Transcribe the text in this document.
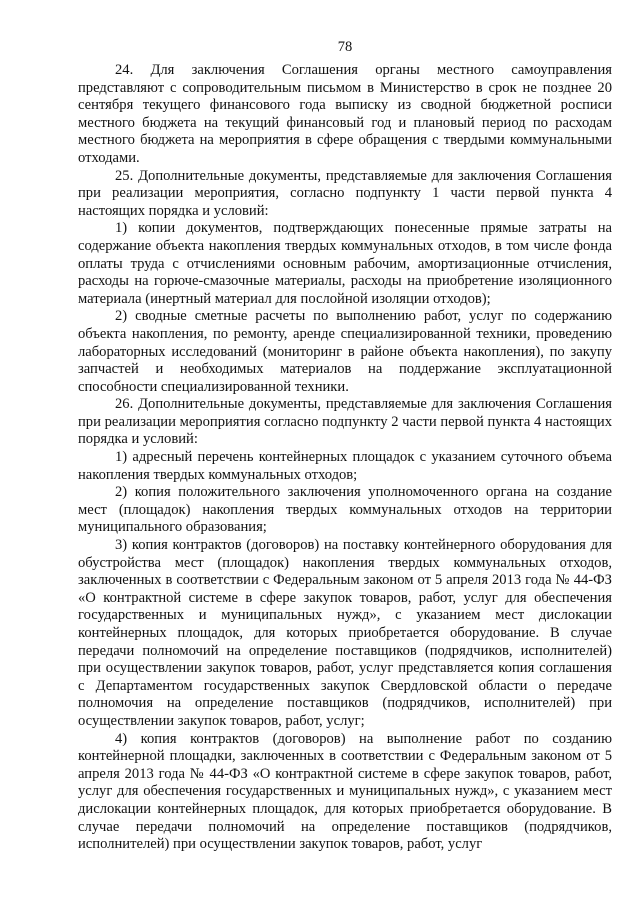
78

24. Для заключения Соглашения органы местного самоуправления представляют с сопроводительным письмом в Министерство в срок не позднее 20 сентября текущего финансового года выписку из сводной бюджетной росписи местного бюджета на текущий финансовый год и плановый период по расходам местного бюджета на мероприятия в сфере обращения с твердыми коммунальными отходами.

25. Дополнительные документы, представляемые для заключения Соглашения при реализации мероприятия, согласно подпункту 1 части первой пункта 4 настоящих порядка и условий:

1) копии документов, подтверждающих понесенные прямые затраты на содержание объекта накопления твердых коммунальных отходов, в том числе фонда оплаты труда с отчислениями основным рабочим, амортизационные отчисления, расходы на горюче-смазочные материалы, расходы на приобретение изоляционного материала (инертный материал для послойной изоляции отходов);

2) сводные сметные расчеты по выполнению работ, услуг по содержанию объекта накопления, по ремонту, аренде специализированной техники, проведению лабораторных исследований (мониторинг в районе объекта накопления), по закупу запчастей и необходимых материалов на поддержание эксплуатационной способности специализированной техники.

26. Дополнительные документы, представляемые для заключения Соглашения при реализации мероприятия согласно подпункту 2 части первой пункта 4 настоящих порядка и условий:

1) адресный перечень контейнерных площадок с указанием суточного объема накопления твердых коммунальных отходов;

2) копия положительного заключения уполномоченного органа на создание мест (площадок) накопления твердых коммунальных отходов на территории муниципального образования;

3) копия контрактов (договоров) на поставку контейнерного оборудования для обустройства мест (площадок) накопления твердых коммунальных отходов, заключенных в соответствии с Федеральным законом от 5 апреля 2013 года № 44-ФЗ «О контрактной системе в сфере закупок товаров, работ, услуг для обеспечения государственных и муниципальных нужд», с указанием мест дислокации контейнерных площадок, для которых приобретается оборудование. В случае передачи полномочий на определение поставщиков (подрядчиков, исполнителей) при осуществлении закупок товаров, работ, услуг представляется копия соглашения с Департаментом государственных закупок Свердловской области о передаче полномочия на определение поставщиков (подрядчиков, исполнителей) при осуществлении закупок товаров, работ, услуг;

4) копия контрактов (договоров) на выполнение работ по созданию контейнерной площадки, заключенных в соответствии с Федеральным законом от 5 апреля 2013 года № 44-ФЗ «О контрактной системе в сфере закупок товаров, работ, услуг для обеспечения государственных и муниципальных нужд», с указанием мест дислокации контейнерных площадок, для которых приобретается оборудование. В случае передачи полномочий на определение поставщиков (подрядчиков, исполнителей) при осуществлении закупок товаров, работ, услуг
